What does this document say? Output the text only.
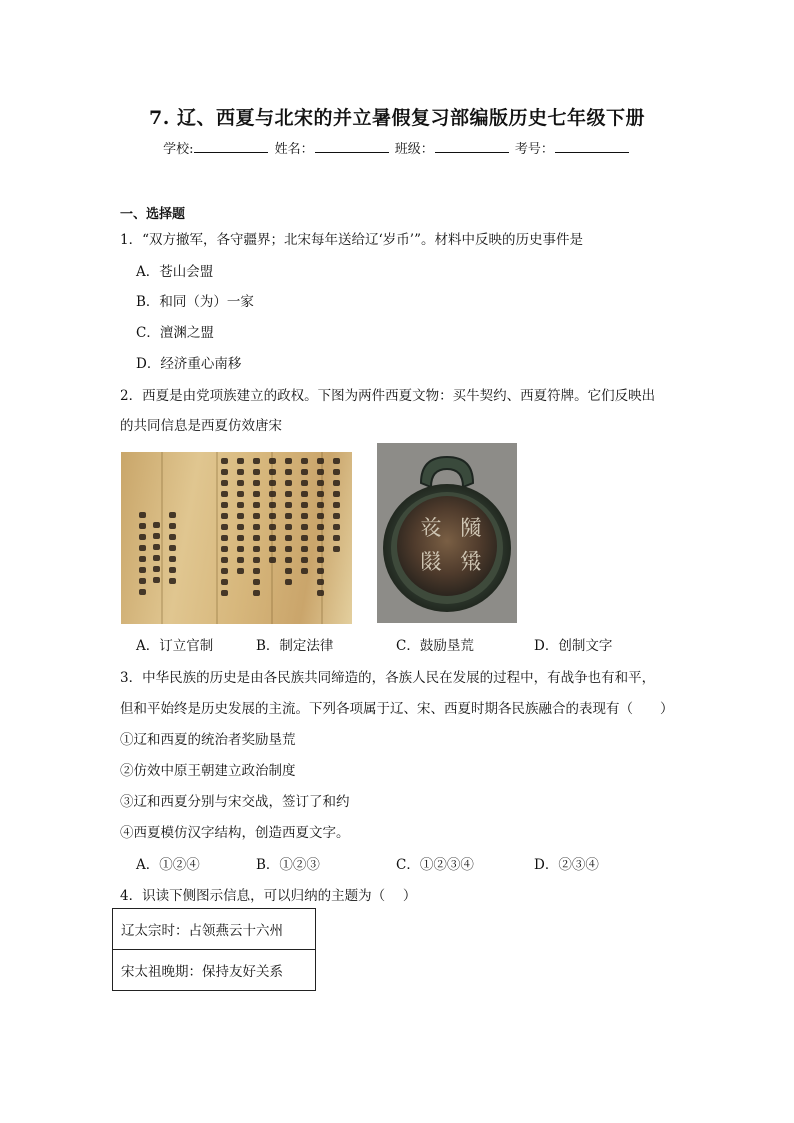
7. 辽、西夏与北宋的并立暑假复习部编版历史七年级下册
学校:	姓名：	班级：	考号：
一、选择题
1．“双方撤军，各守疆界；北宋每年送给辽‘岁币’”。材料中反映的历史事件是
A．苍山会盟
B．和同（为）一家
C．澶渊之盟
D．经济重心南移
2．西夏是由党项族建立的政权。下图为两件西夏文物：买牛契约、西夏符牌。它们反映出
的共同信息是西夏仿效唐宋
𗂧
𗋽
𘝞
𗂸
A．订立官制	B．制定法律	C．鼓励垦荒	D．创制文字
3．中华民族的历史是由各民族共同缔造的，各族人民在发展的过程中，有战争也有和平，
但和平始终是历史发展的主流。下列各项属于辽、宋、西夏时期各民族融合的表现有（　　）
①辽和西夏的统治者奖励垦荒
②仿效中原王朝建立政治制度
③辽和西夏分别与宋交战，签订了和约
④西夏模仿汉字结构，创造西夏文字。
A．①②④	B．①②③	C．①②③④	D．②③④
4．识读下侧图示信息，可以归纳的主题为（　 ）
辽太宗时：占领燕云十六州
宋太祖晚期：保持友好关系
